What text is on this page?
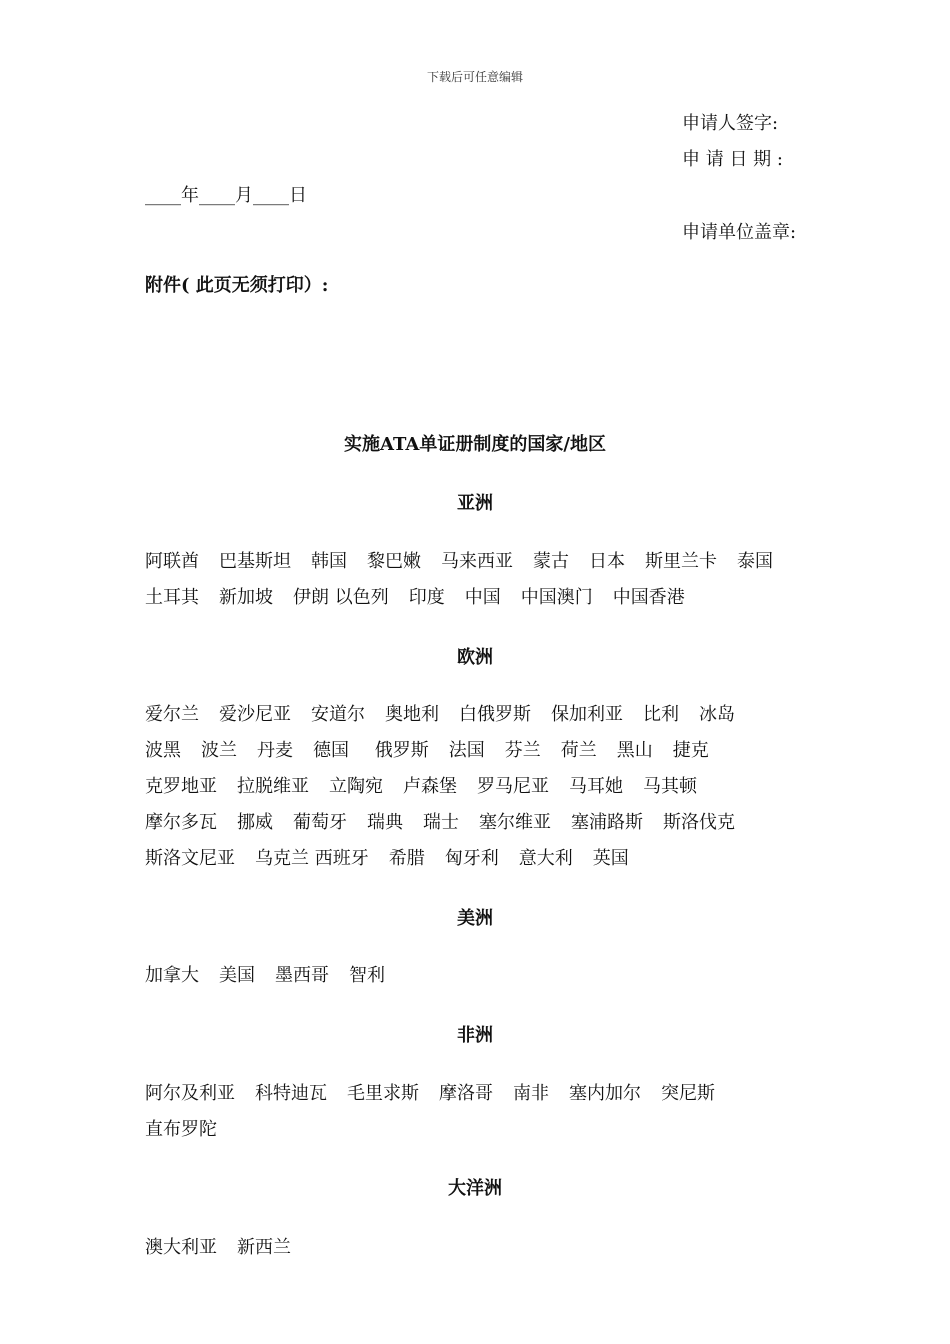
下载后可任意编辑
申请人签字:
申 请 日 期 :
____年____月____日
申请单位盖章:
附件( 此页无须打印）:
实施ATA单证册制度的国家/地区
亚洲
阿联酋 巴基斯坦 韩国 黎巴嫩 马来西亚 蒙古 日本 斯里兰卡 泰国
土耳其 新加坡 伊朗 以色列 印度 中国 中国澳门 中国香港
欧洲
爱尔兰 爱沙尼亚 安道尔 奥地利 白俄罗斯 保加利亚 比利 冰岛
波黑 波兰 丹麦 德国 俄罗斯 法国 芬兰 荷兰 黑山 捷克
克罗地亚 拉脱维亚 立陶宛 卢森堡 罗马尼亚 马耳她 马其顿
摩尔多瓦 挪威 葡萄牙 瑞典 瑞士 塞尔维亚 塞浦路斯 斯洛伐克
斯洛文尼亚 乌克兰 西班牙 希腊 匈牙利 意大利 英国
美洲
加拿大 美国 墨西哥 智利
非洲
阿尔及利亚 科特迪瓦 毛里求斯 摩洛哥 南非 塞内加尔 突尼斯
直布罗陀
大洋洲
澳大利亚 新西兰
